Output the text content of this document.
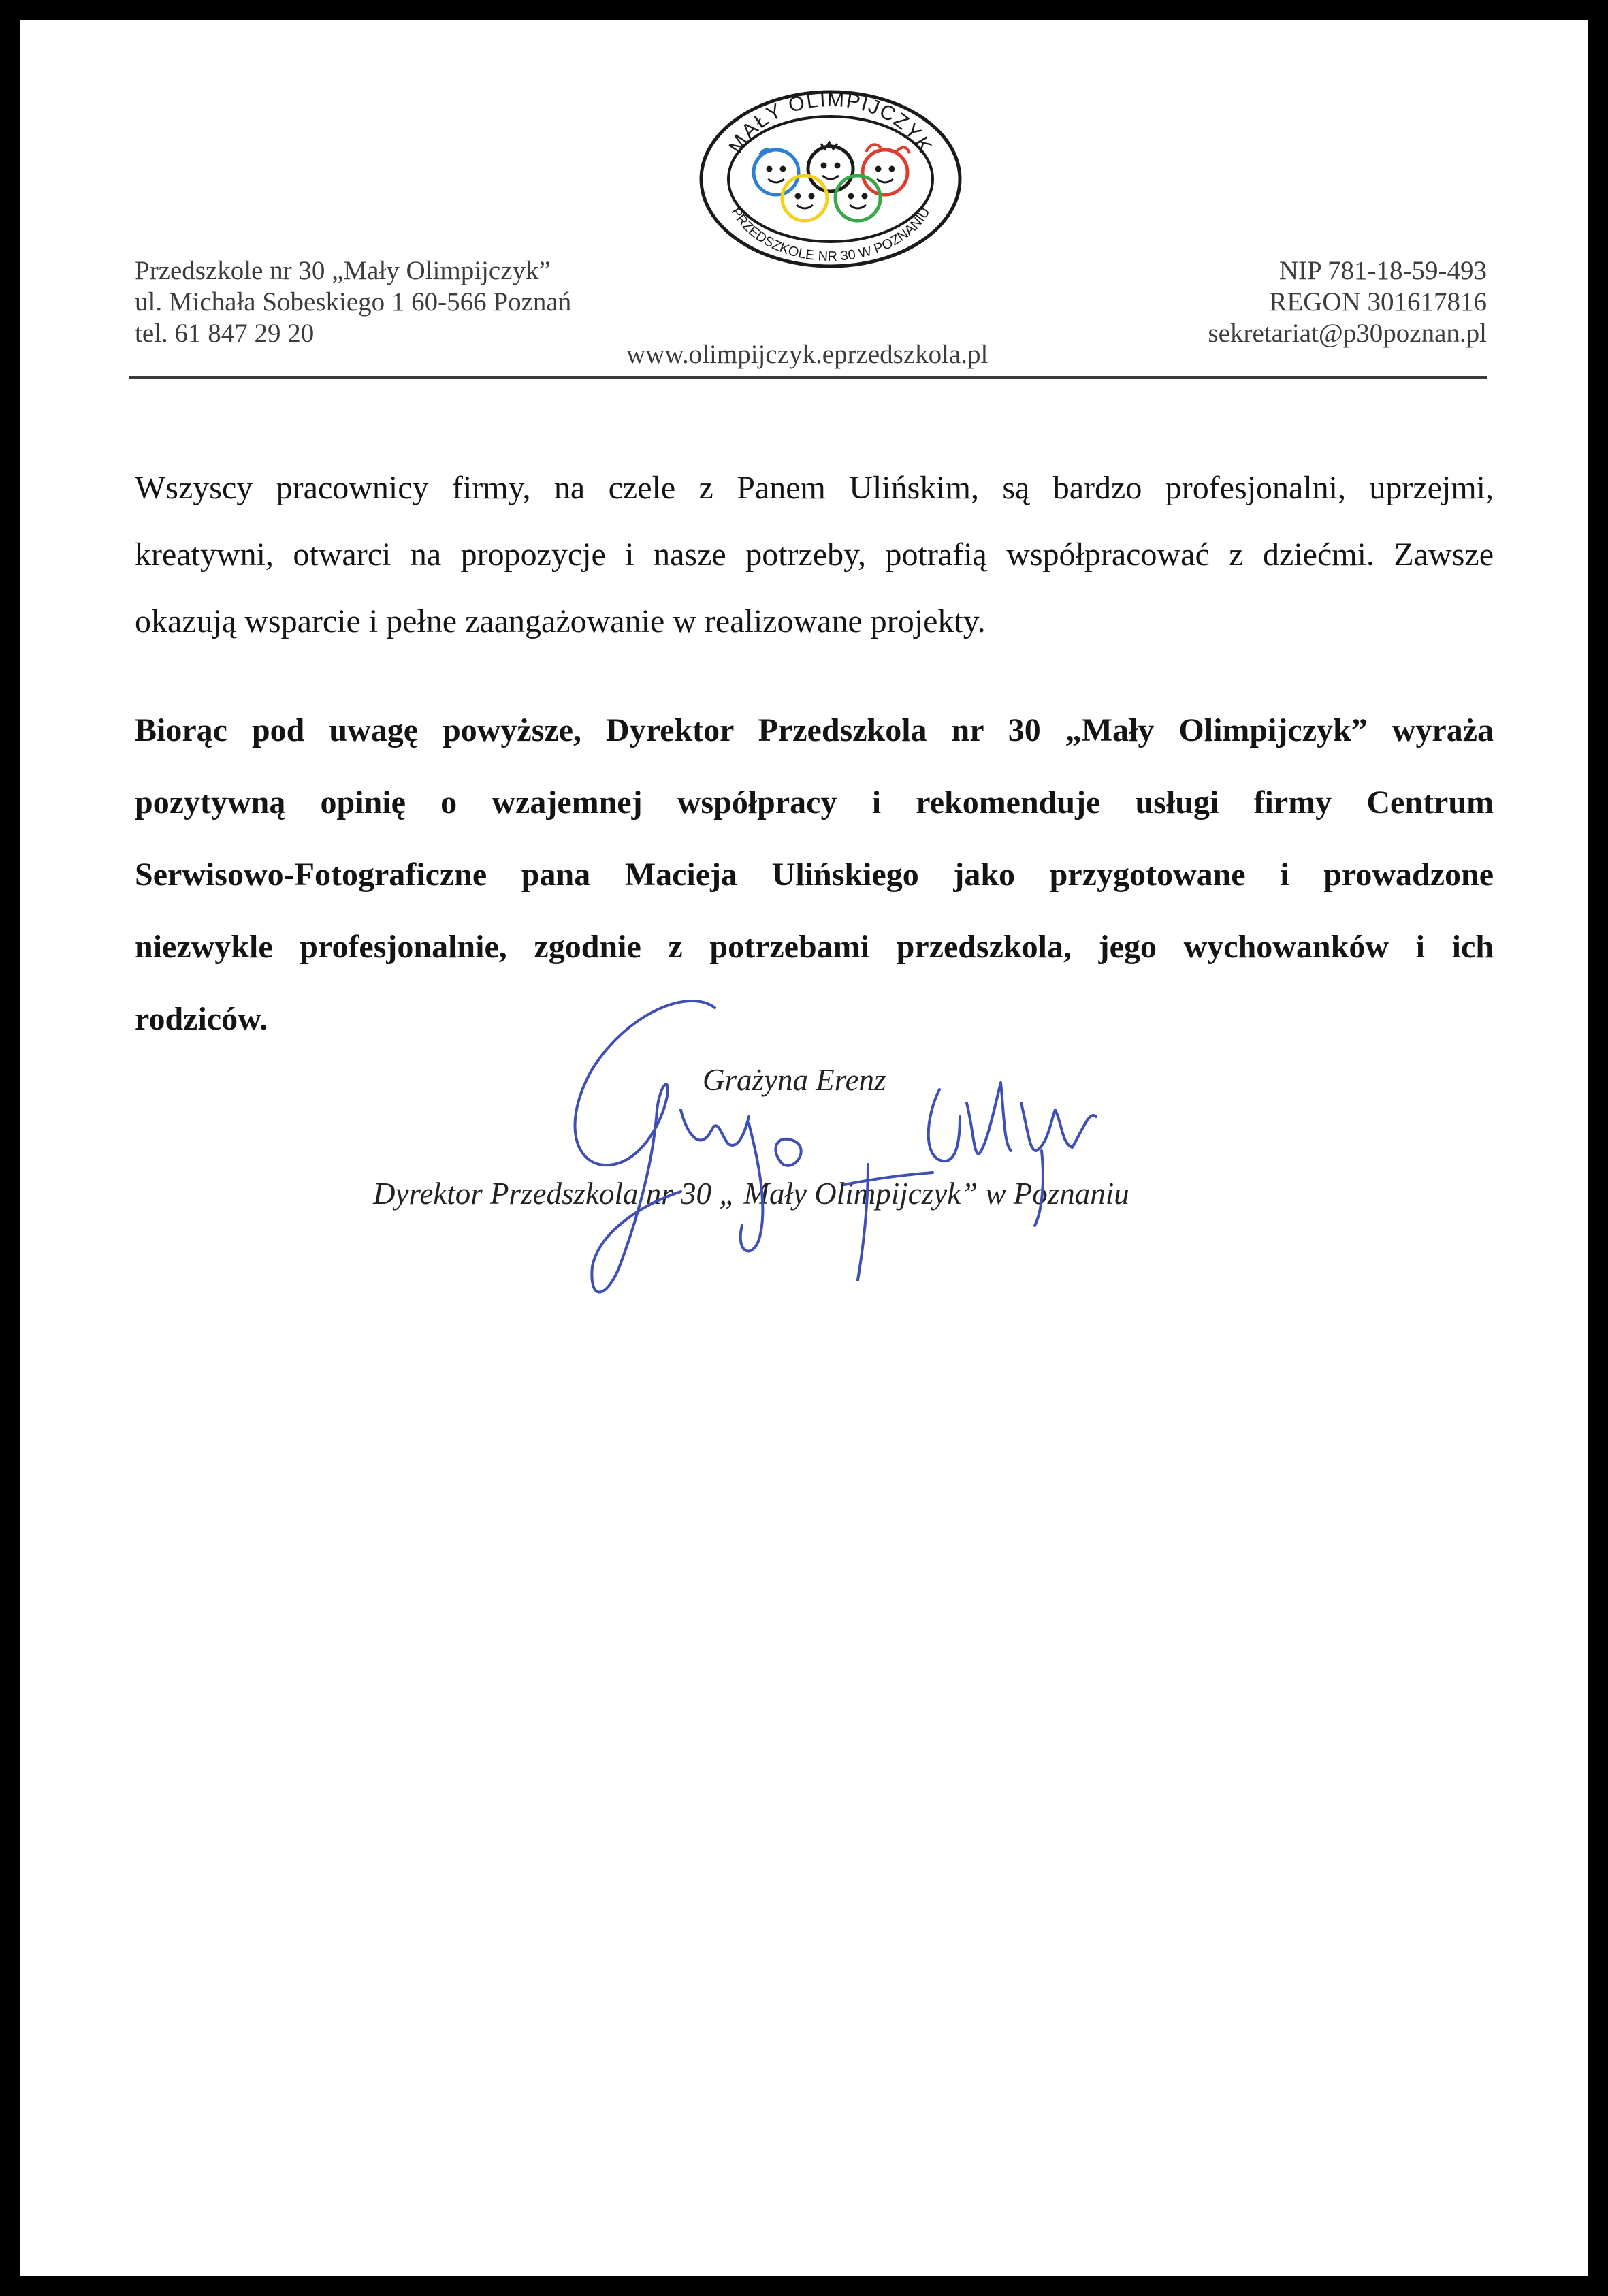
MAŁY OLIMPIJCZYK
PRZEDSZKOLE NR 30 W POZNANIU
Przedszkole nr 30 „Mały Olimpijczyk”
ul. Michała Sobeskiego 1 60-566 Poznań
tel. 61 847 29 20
www.olimpijczyk.eprzedszkola.pl
NIP 781-18-59-493
REGON 301617816
sekretariat@p30poznan.pl
Wszyscy pracownicy firmy, na czele z Panem Ulińskim, są bardzo profesjonalni, uprzejmi,
kreatywni, otwarci na propozycje i nasze potrzeby, potrafią współpracować z dziećmi. Zawsze
okazują wsparcie i pełne zaangażowanie w realizowane projekty.
Biorąc pod uwagę powyższe, Dyrektor Przedszkola nr 30 „Mały Olimpijczyk” wyraża
pozytywną opinię o wzajemnej współpracy i rekomenduje usługi firmy Centrum
Serwisowo-Fotograficzne pana Macieja Ulińskiego jako przygotowane i prowadzone
niezwykle profesjonalnie, zgodnie z potrzebami przedszkola, jego wychowanków i ich
rodziców.
Grażyna Erenz
Dyrektor Przedszkola nr 30 „ Mały Olimpijczyk” w Poznaniu
